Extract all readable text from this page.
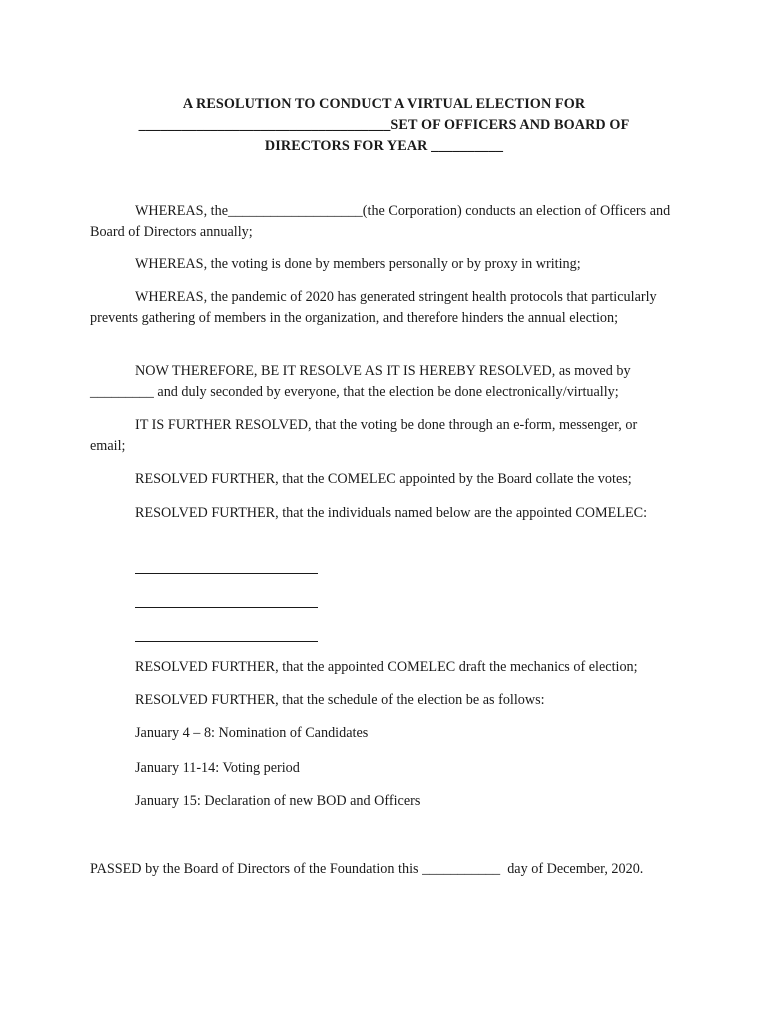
A RESOLUTION TO CONDUCT A VIRTUAL ELECTION FOR
___________________________________SET OF OFFICERS AND BOARD OF
DIRECTORS FOR YEAR __________
WHEREAS, the___________________(the Corporation) conducts an election of Officers and Board of Directors annually;
WHEREAS, the voting is done by members personally or by proxy in writing;
WHEREAS, the pandemic of 2020 has generated stringent health protocols that particularly prevents gathering of members in the organization, and therefore hinders the annual election;
NOW THEREFORE, BE IT RESOLVE AS IT IS HEREBY RESOLVED, as moved by _________ and duly seconded by everyone, that the election be done electronically/virtually;
IT IS FURTHER RESOLVED, that the voting be done through an e-form, messenger, or email;
RESOLVED FURTHER, that the COMELEC appointed by the Board collate the votes;
RESOLVED FURTHER, that the individuals named below are the appointed COMELEC:
RESOLVED FURTHER, that the appointed COMELEC draft the mechanics of election;
RESOLVED FURTHER, that the schedule of the election be as follows:
January 4 – 8: Nomination of Candidates
January 11-14: Voting period
January 15: Declaration of new BOD and Officers
PASSED by the Board of Directors of the Foundation this ___________  day of December, 2020.
